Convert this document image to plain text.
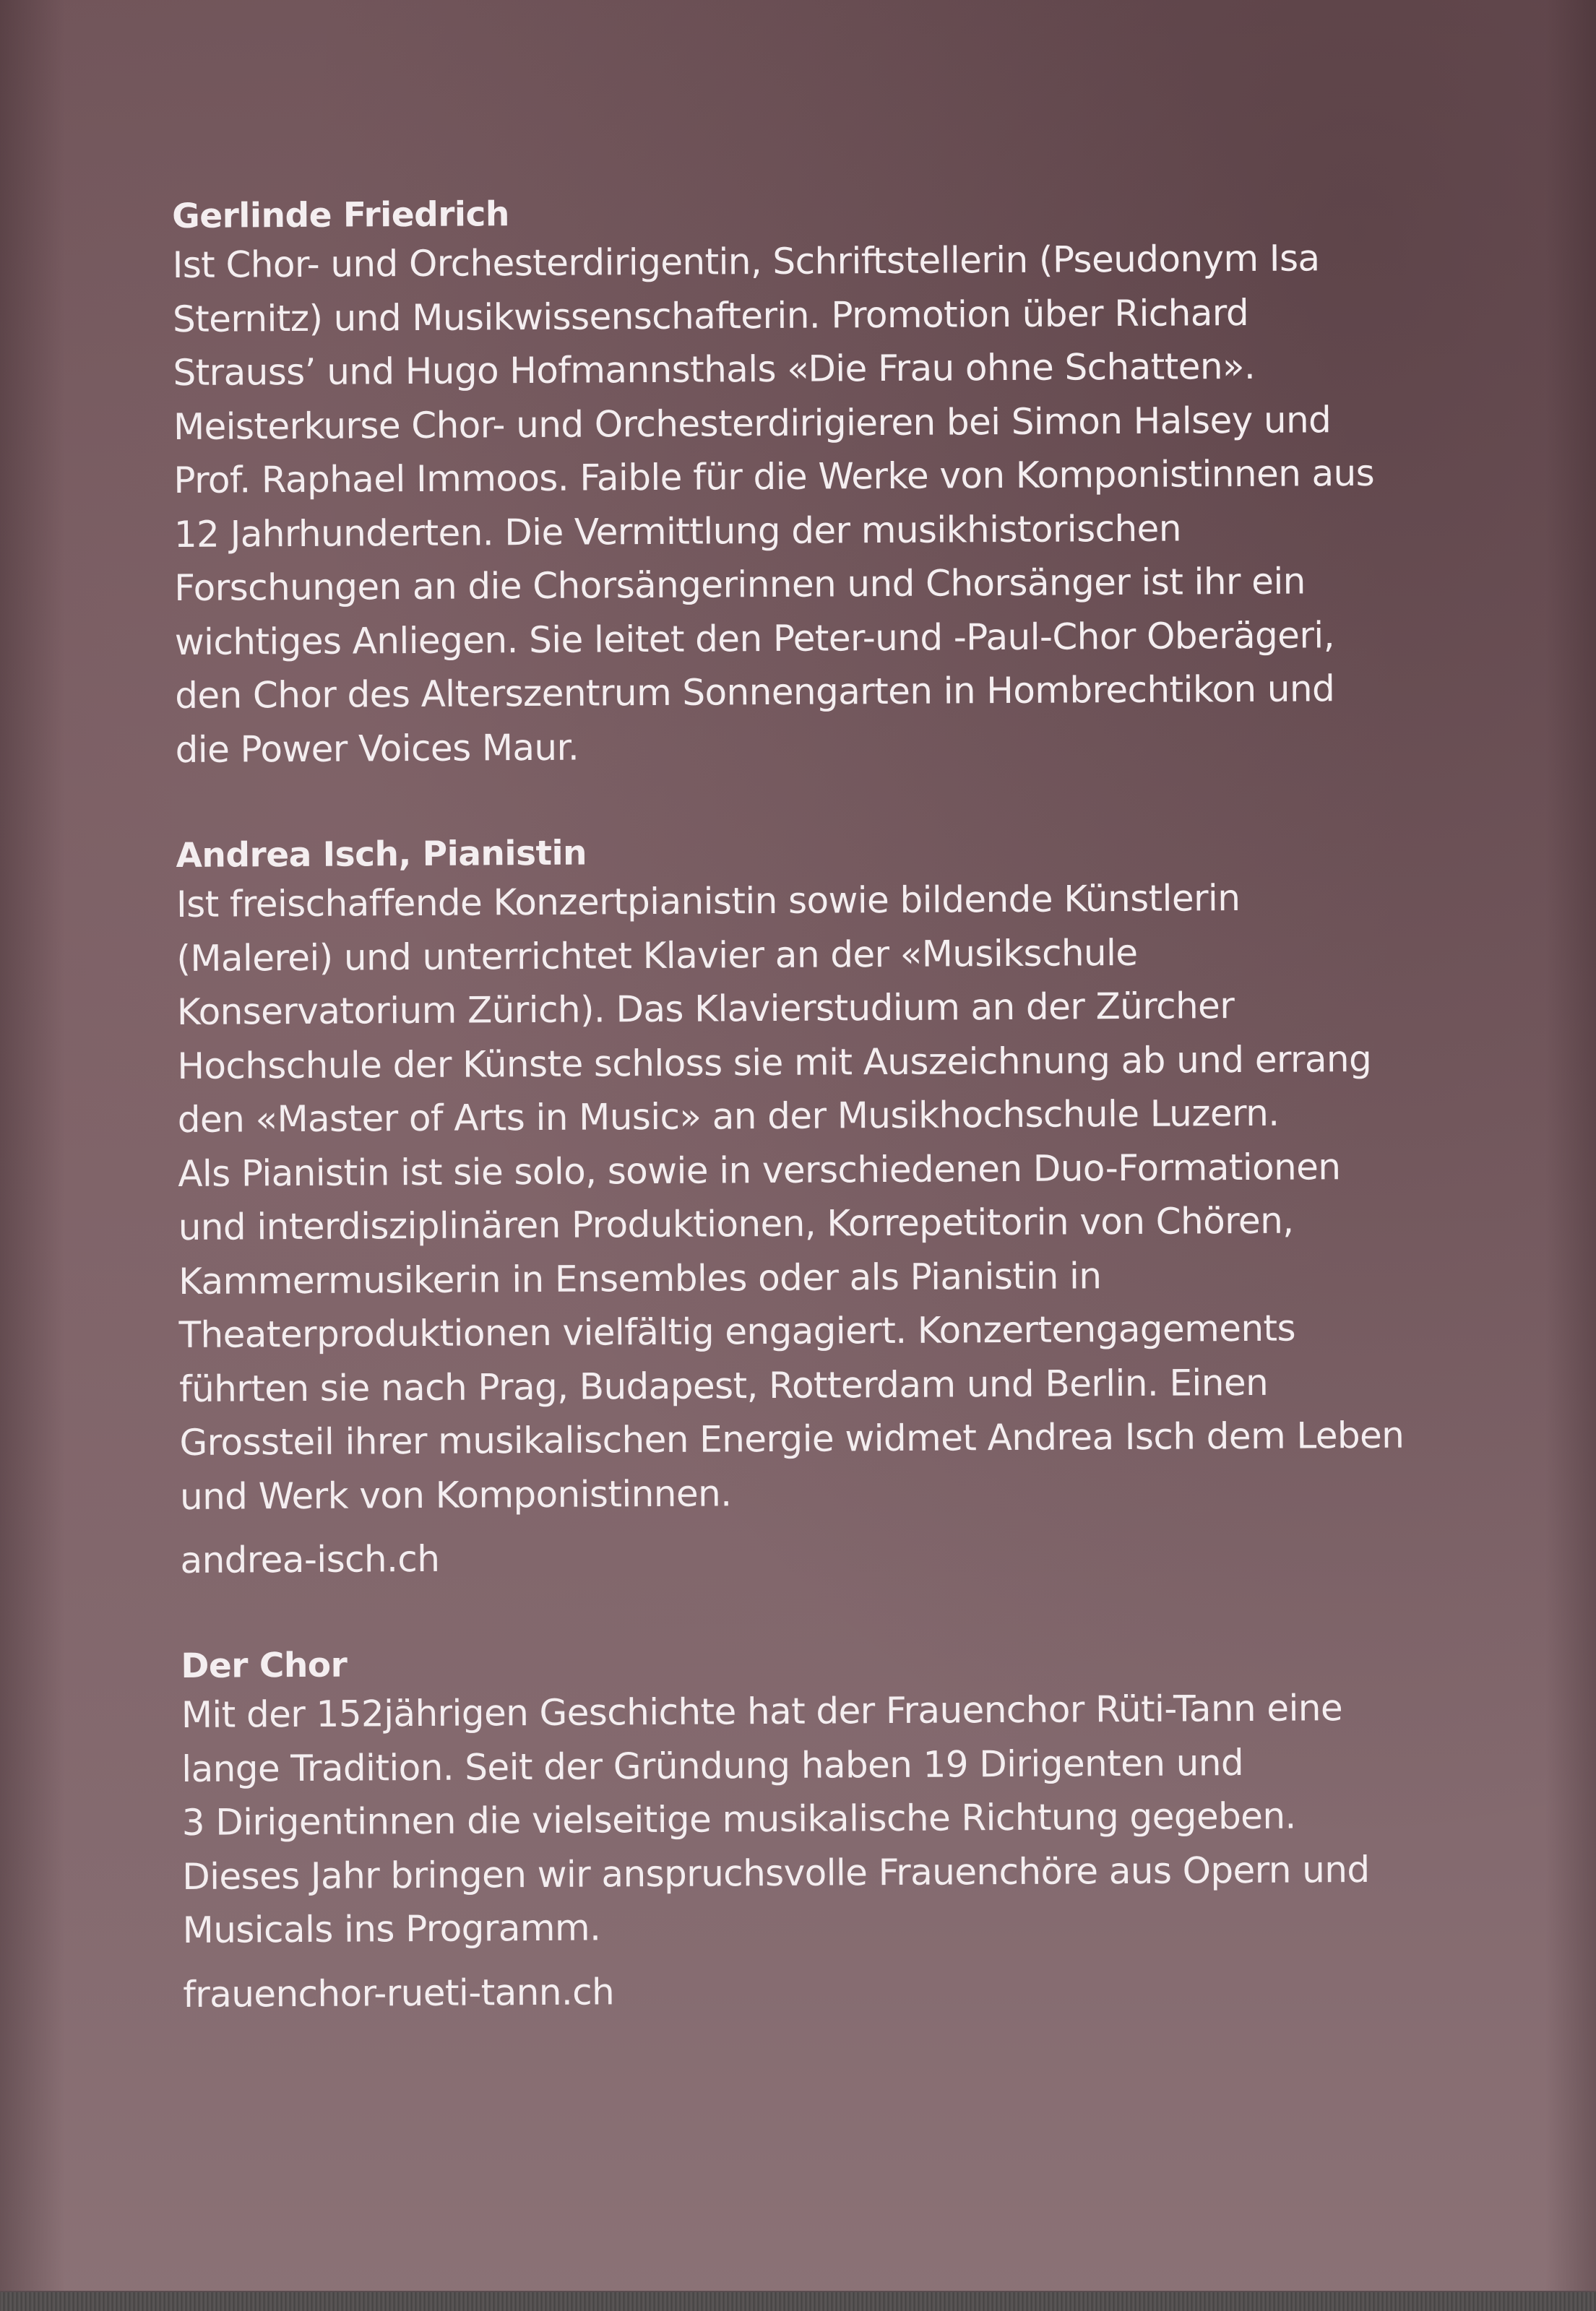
Gerlinde Friedrich

Ist Chor- und Orchesterdirigentin, Schriftstellerin (Pseudonym Isa
Sternitz) und Musikwissenschafterin. Promotion über Richard
Strauss’ und Hugo Hofmannsthals «Die Frau ohne Schatten».
Meisterkurse Chor- und Orchesterdirigieren bei Simon Halsey und
Prof. Raphael Immoos. Faible für die Werke von Komponistinnen aus
12 Jahrhunderten. Die Vermittlung der musikhistorischen
Forschungen an die Chorsängerinnen und Chorsänger ist ihr ein
wichtiges Anliegen. Sie leitet den Peter-und -Paul-Chor Oberägeri,
den Chor des Alterszentrum Sonnengarten in Hombrechtikon und
die Power Voices Maur.

Andrea Isch, Pianistin

Ist freischaffende Konzertpianistin sowie bildende Künstlerin
(Malerei) und unterrichtet Klavier an der «Musikschule
Konservatorium Zürich). Das Klavierstudium an der Zürcher
Hochschule der Künste schloss sie mit Auszeichnung ab und errang
den «Master of Arts in Music» an der Musikhochschule Luzern.
Als Pianistin ist sie solo, sowie in verschiedenen Duo-Formationen
und interdisziplinären Produktionen, Korrepetitorin von Chören,
Kammermusikerin in Ensembles oder als Pianistin in
Theaterproduktionen vielfältig engagiert. Konzertengagements
führten sie nach Prag, Budapest, Rotterdam und Berlin. Einen
Grossteil ihrer musikalischen Energie widmet Andrea Isch dem Leben
und Werk von Komponistinnen.

andrea-isch.ch

Der Chor

Mit der 152jährigen Geschichte hat der Frauenchor Rüti-Tann eine
lange Tradition. Seit der Gründung haben 19 Dirigenten und
3 Dirigentinnen die vielseitige musikalische Richtung gegeben.
Dieses Jahr bringen wir anspruchsvolle Frauenchöre aus Opern und
Musicals ins Programm.

frauenchor-rueti-tann.ch
